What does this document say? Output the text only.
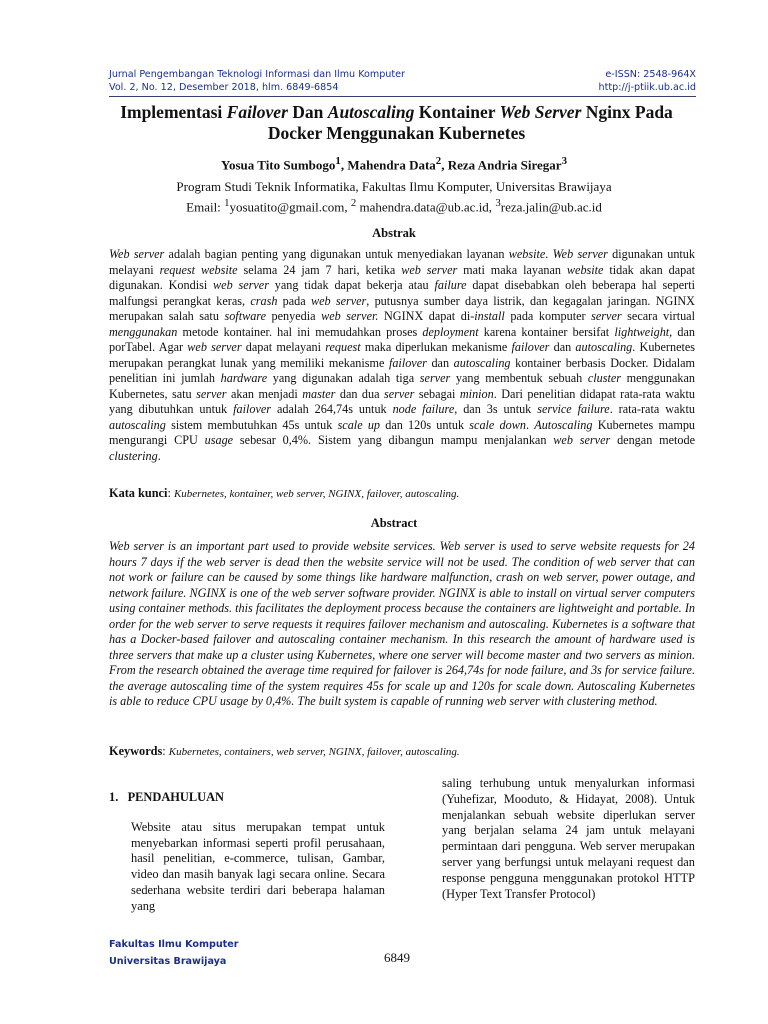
Jurnal Pengembangan Teknologi Informasi dan Ilmu Komputer
Vol. 2, No. 12, Desember 2018, hlm. 6849-6854
e-ISSN: 2548-964X
http://j-ptiik.ub.ac.id
Implementasi Failover Dan Autoscaling Kontainer Web Server Nginx Pada
Docker Menggunakan Kubernetes
Yosua Tito Sumbogo$^1$, Mahendra Data$^2$, Reza Andria Siregar$^3$
Program Studi Teknik Informatika, Fakultas Ilmu Komputer, Universitas Brawijaya
Email: $^1$yosuatito@gmail.com, $^2$ mahendra.data@ub.ac.id, $^3$reza.jalin@ub.ac.id
Abstrak
Web server adalah bagian penting yang digunakan untuk menyediakan layanan website. Web server digunakan untuk melayani request website selama 24 jam 7 hari, ketika web server mati maka layanan website tidak akan dapat digunakan. Kondisi web server yang tidak dapat bekerja atau failure dapat disebabkan oleh beberapa hal seperti malfungsi perangkat keras, crash pada web server, putusnya sumber daya listrik, dan kegagalan jaringan. NGINX merupakan salah satu software penyedia web server. NGINX dapat di-install pada komputer server secara virtual menggunakan metode kontainer. hal ini memudahkan proses deployment karena kontainer bersifat lightweight, dan porTabel. Agar web server dapat melayani request maka diperlukan mekanisme failover dan autoscaling. Kubernetes merupakan perangkat lunak yang memiliki mekanisme failover dan autoscaling kontainer berbasis Docker. Didalam penelitian ini jumlah hardware yang digunakan adalah tiga server yang membentuk sebuah cluster menggunakan Kubernetes, satu server akan menjadi master dan dua server sebagai minion. Dari penelitian didapat rata-rata waktu yang dibutuhkan untuk failover adalah 264,74s untuk node failure, dan 3s untuk service failure. rata-rata waktu autoscaling sistem membutuhkan 45s untuk scale up dan 120s untuk scale down. Autoscaling Kubernetes mampu mengurangi CPU usage sebesar 0,4%. Sistem yang dibangun mampu menjalankan web server dengan metode clustering.
Kata kunci: Kubernetes, kontainer, web server, NGINX, failover, autoscaling.
Abstract
Web server is an important part used to provide website services. Web server is used to serve website requests for 24 hours 7 days if the web server is dead then the website service will not be used. The condition of web server that can not work or failure can be caused by some things like hardware malfunction, crash on web server, power outage, and network failure. NGINX is one of the web server software provider. NGINX is able to install on virtual server computers using container methods. this facilitates the deployment process because the containers are lightweight and portable. In order for the web server to serve requests it requires failover mechanism and autoscaling. Kubernetes is a software that has a Docker-based failover and autoscaling container mechanism. In this research the amount of hardware used is three servers that make up a cluster using Kubernetes, where one server will become master and two servers as minion. From the research obtained the average time required for failover is 264,74s for node failure, and 3s for service failure. the average autoscaling time of the system requires 45s for scale up and 120s for scale down. Autoscaling Kubernetes is able to reduce CPU usage by 0,4%. The built system is capable of running web server with clustering method.
Keywords: Kubernetes, containers, web server, NGINX, failover, autoscaling.
1. PENDAHULUAN
Website atau situs merupakan tempat untuk menyebarkan informasi seperti profil perusahaan, hasil penelitian, e-commerce, tulisan, Gambar, video dan masih banyak lagi secara online. Secara sederhana website terdiri dari beberapa halaman yang
saling terhubung untuk menyalurkan informasi (Yuhefizar, Mooduto, & Hidayat, 2008). Untuk menjalankan sebuah website diperlukan server yang berjalan selama 24 jam untuk melayani permintaan dari pengguna. Web server merupakan server yang berfungsi untuk melayani request dan response pengguna menggunakan protokol HTTP (Hyper Text Transfer Protocol)
Fakultas Ilmu Komputer
Universitas Brawijaya	6849
